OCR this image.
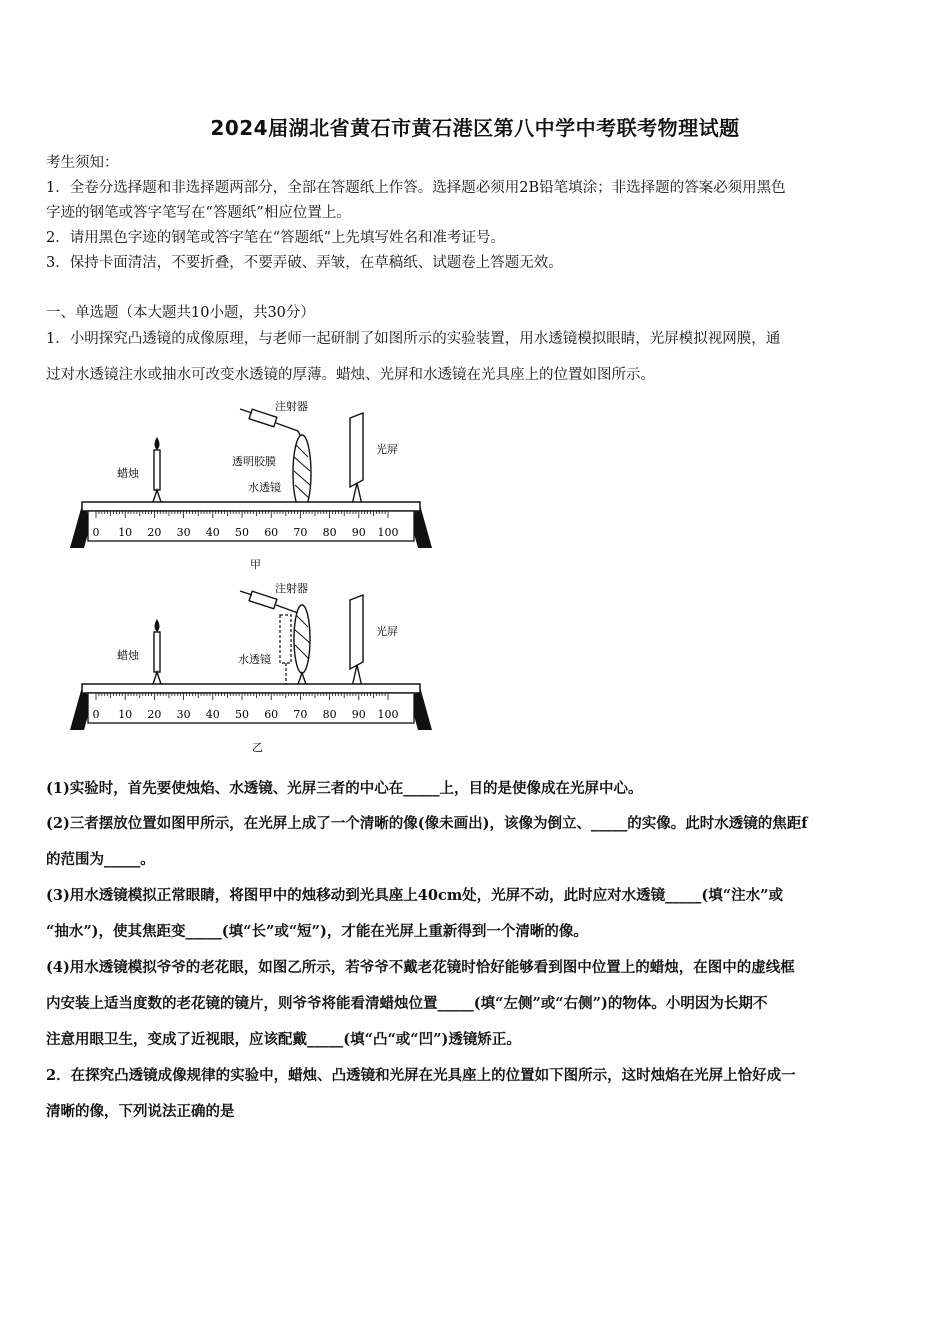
2024届湖北省黄石市黄石港区第八中学中考联考物理试题
考生须知：
1．全卷分选择题和非选择题两部分，全部在答题纸上作答。选择题必须用2B铅笔填涂；非选择题的答案必须用黑色
字迹的钢笔或答字笔写在“答题纸”相应位置上。
2．请用黑色字迹的钢笔或答字笔在“答题纸”上先填写姓名和准考证号。
3．保持卡面清洁，不要折叠，不要弄破、弄皱，在草稿纸、试题卷上答题无效。
一、单选题（本大题共10小题，共30分）
1．小明探究凸透镜的成像原理，与老师一起研制了如图所示的实验装置，用水透镜模拟眼睛，光屏模拟视网膜，通
过对水透镜注水或抽水可改变水透镜的厚薄。蜡烛、光屏和水透镜在光具座上的位置如图所示。
注射器
透明胶膜
水透镜
蜡烛
光屏
0 10 20 30 40 50 60 70 80 90 100
甲
注射器
水透镜
蜡烛
光屏
0 10 20 30 40 50 60 70 80 90 100
乙
(1)实验时，首先要使烛焰、水透镜、光屏三者的中心在_____上，目的是使像成在光屏中心。
(2)三者摆放位置如图甲所示，在光屏上成了一个清晰的像(像未画出)，该像为倒立、_____的实像。此时水透镜的焦距f
的范围为_____。
(3)用水透镜模拟正常眼睛，将图甲中的烛移动到光具座上40cm处，光屏不动，此时应对水透镜_____(填“注水”或
“抽水”)，使其焦距变_____(填“长”或“短”)，才能在光屏上重新得到一个清晰的像。
(4)用水透镜模拟爷爷的老花眼，如图乙所示，若爷爷不戴老花镜时恰好能够看到图中位置上的蜡烛，在图中的虚线框
内安装上适当度数的老花镜的镜片，则爷爷将能看清蜡烛位置_____(填“左侧”或“右侧”)的物体。小明因为长期不
注意用眼卫生，变成了近视眼，应该配戴_____(填“凸“或“凹”)透镜矫正。
2．在探究凸透镜成像规律的实验中，蜡烛、凸透镜和光屏在光具座上的位置如下图所示，这时烛焰在光屏上恰好成一
清晰的像，下列说法正确的是
